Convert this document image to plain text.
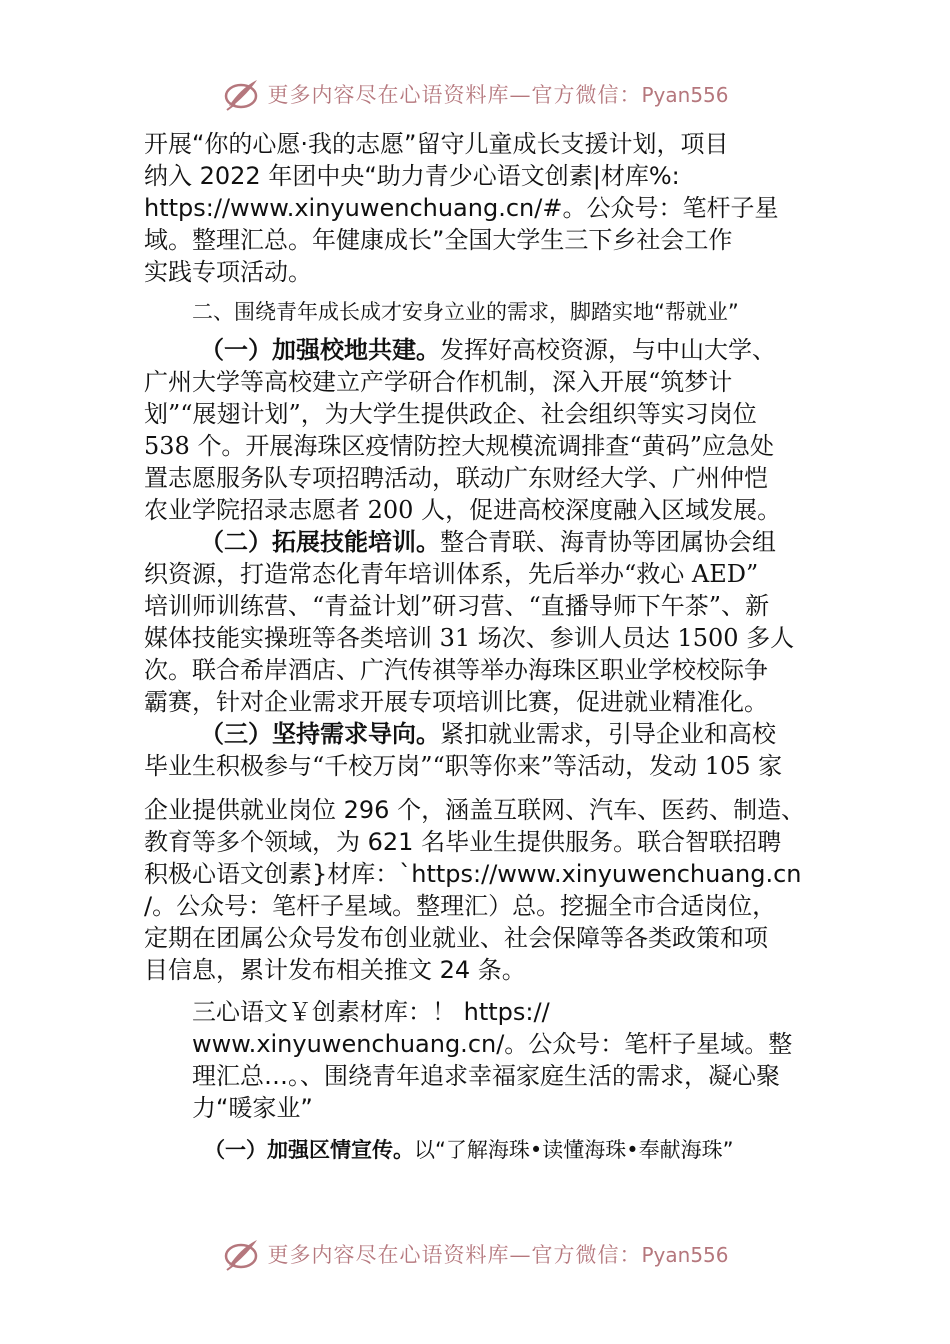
更多内容尽在心语资料库—官方微信：Pyan556
开展“你的心愿·我的志愿”留守儿童成长支援计划，项目
纳入 2022 年团中央“助力青少心语文创素|材库%:
https://www.xinyuwenchuang.cn/#。公众号：笔杆子星
域。整理汇总。年健康成长”全国大学生三下乡社会工作
实践专项活动。
二、围绕青年成长成才安身立业的需求，脚踏实地“帮就业”
（一）加强校地共建。发挥好高校资源，与中山大学、
广州大学等高校建立产学研合作机制，深入开展“筑梦计
划”“展翅计划”，为大学生提供政企、社会组织等实习岗位
538 个。开展海珠区疫情防控大规模流调排查“黄码”应急处
置志愿服务队专项招聘活动，联动广东财经大学、广州仲恺
农业学院招录志愿者 200 人，促进高校深度融入区域发展。
（二）拓展技能培训。整合青联、海青协等团属协会组
织资源，打造常态化青年培训体系，先后举办“救心 AED”
培训师训练营、“青益计划”研习营、“直播导师下午茶”、新
媒体技能实操班等各类培训 31 场次、参训人员达 1500 多人
次。联合希岸酒店、广汽传祺等举办海珠区职业学校校际争
霸赛，针对企业需求开展专项培训比赛，促进就业精准化。
（三）坚持需求导向。紧扣就业需求，引导企业和高校
毕业生积极参与“千校万岗”“职等你来”等活动，发动 105 家
企业提供就业岗位 296 个，涵盖互联网、汽车、医药、制造、
教育等多个领域，为 621 名毕业生提供服务。联合智联招聘
积极心语文创素}材库：`https://www.xinyuwenchuang.cn
/。公众号：笔杆子星域。整理汇）总。挖掘全市合适岗位，
定期在团属公众号发布创业就业、社会保障等各类政策和项
目信息，累计发布相关推文 24 条。
三心语文￥创素材库：！ https://
www.xinyuwenchuang.cn/。公众号：笔杆子星域。整
理汇总…。、围绕青年追求幸福家庭生活的需求，凝心聚
力“暖家业”
（一）加强区情宣传。以“了解海珠•读懂海珠•奉献海珠”
更多内容尽在心语资料库—官方微信：Pyan556
